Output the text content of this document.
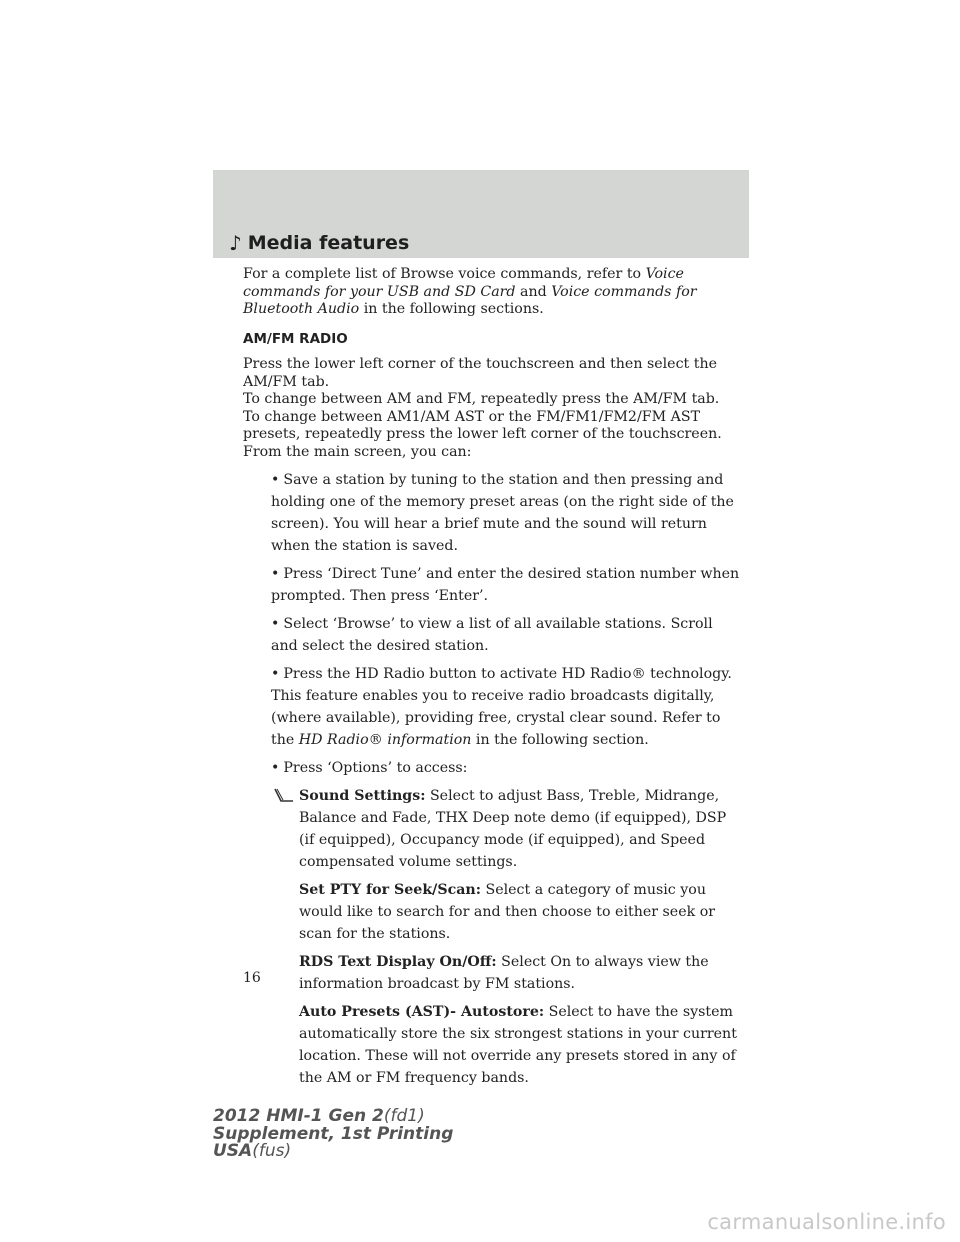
♪ Media features

For a complete list of Browse voice commands, refer to Voice commands for your USB and SD Card and Voice commands for Bluetooth Audio in the following sections.

AM/FM RADIO

Press the lower left corner of the touchscreen and then select the AM/FM tab.

To change between AM and FM, repeatedly press the AM/FM tab.

To change between AM1/AM AST or the FM/FM1/FM2/FM AST presets, repeatedly press the lower left corner of the touchscreen.

From the main screen, you can:

• Save a station by tuning to the station and then pressing and holding one of the memory preset areas (on the right side of the screen). You will hear a brief mute and the sound will return when the station is saved.
• Press ‘Direct Tune’ and enter the desired station number when prompted. Then press ‘Enter’.
• Select ‘Browse’ to view a list of all available stations. Scroll and select the desired station.
• Press the HD Radio button to activate HD Radio® technology. This feature enables you to receive radio broadcasts digitally, (where available), providing free, crystal clear sound. Refer to the HD Radio® information in the following section.
• Press ‘Options’ to access:
Sound Settings: Select to adjust Bass, Treble, Midrange, Balance and Fade, THX Deep note demo (if equipped), DSP (if equipped), Occupancy mode (if equipped), and Speed compensated volume settings.
Set PTY for Seek/Scan: Select a category of music you would like to search for and then choose to either seek or scan for the stations.
RDS Text Display On/Off: Select On to always view the information broadcast by FM stations.
Auto Presets (AST)- Autostore: Select to have the system automatically store the six strongest stations in your current location. These will not override any presets stored in any of the AM or FM frequency bands.
16
2012 HMI-1 Gen 2(fd1)
Supplement, 1st Printing
USA(fus)
carmanualsonline.info
